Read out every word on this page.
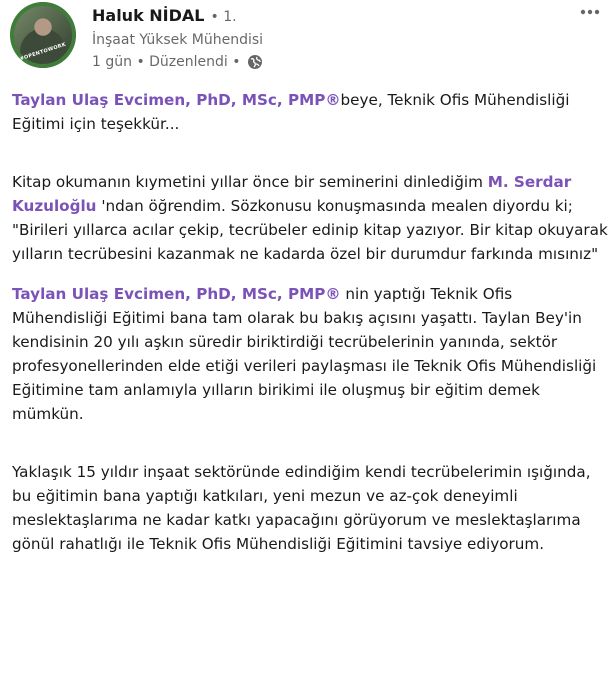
#OPENTOWORK
Haluk NİDAL • 1.
İnşaat Yüksek Mühendisi
1 gün • Düzenlendi •

Taylan Ulaş Evcimen, PhD, MSc, PMP®beye, Teknik Ofis Mühendisliği Eğitimi için teşekkür...

Kitap okumanın kıymetini yıllar önce bir seminerini dinlediğim M. Serdar Kuzuloğlu 'ndan öğrendim. Sözkonusu konuşmasında mealen diyordu ki; "Birileri yıllarca acılar çekip, tecrübeler edinip kitap yazıyor. Bir kitap okuyarak yılların tecrübesini kazanmak ne kadarda özel bir durumdur farkında mısınız"

Taylan Ulaş Evcimen, PhD, MSc, PMP® nin yaptığı Teknik Ofis Mühendisliği Eğitimi bana tam olarak bu bakış açısını yaşattı. Taylan Bey'in kendisinin 20 yılı aşkın süredir biriktirdiği tecrübelerinin yanında, sektör profesyonellerinden elde etiği verileri paylaşması ile Teknik Ofis Mühendisliği Eğitimine tam anlamıyla yılların birikimi ile oluşmuş bir eğitim demek mümkün.

Yaklaşık 15 yıldır inşaat sektöründe edindiğim kendi tecrübelerimin ışığında, bu eğitimin bana yaptığı katkıları, yeni mezun ve az-çok deneyimli meslektaşlarıma ne kadar katkı yapacağını görüyorum ve meslektaşlarıma gönül rahatlığı ile Teknik Ofis Mühendisliği Eğitimini tavsiye ediyorum.
